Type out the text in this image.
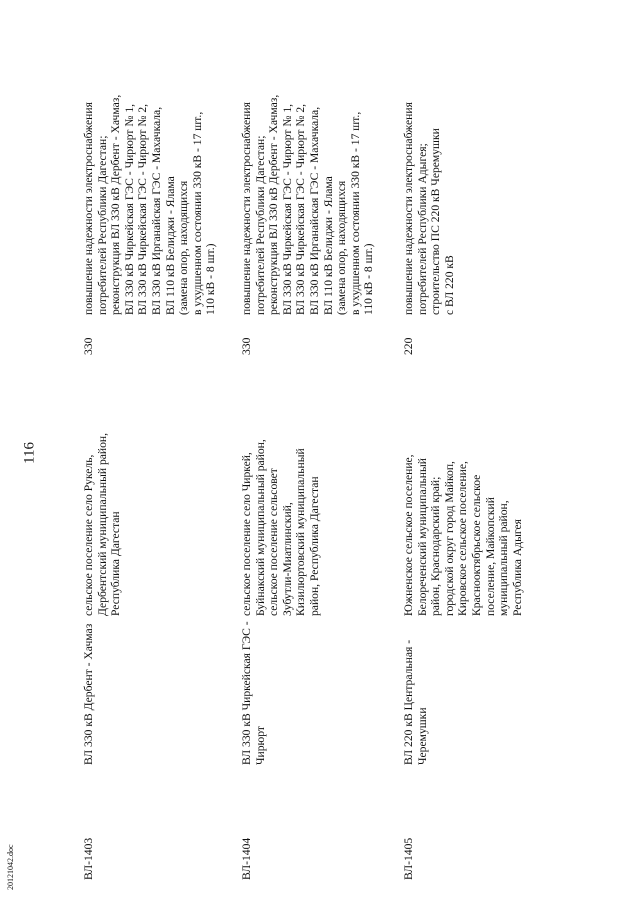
116
ВЛ-1403
ВЛ 330 кВ Дербент - Хачмаз
сельское поселение село Рукель, Дербентский муниципальный район, Республика Дагестан
330
повышение надежности электроснабжения потребителей Республики Дагестан; реконструкция ВЛ 330 кВ Дербент - Хачмаз, ВЛ 330 кВ Чиркейская ГЭС - Чирюрт № 1, ВЛ 330 кВ Чиркейская ГЭС - Чирюрт № 2, ВЛ 330 кВ Ирганайская ГЭС - Махачкала, ВЛ 110 кВ Белиджи - Ялама (замена опор, находящихся в ухудшенном состоянии 330 кВ - 17 шт., 110 кВ - 8 шт.)
ВЛ-1404
ВЛ 330 кВ Чиркейская ГЭС - Чирюрт
сельское поселение село Чиркей, Буйнакский муниципальный район, сельское поселение сельсовет Зубутли-Миатлинский, Кизилюртовский муниципальный район, Республика Дагестан
330
повышение надежности электроснабжения потребителей Республики Дагестан; реконструкция ВЛ 330 кВ Дербент - Хачмаз, ВЛ 330 кВ Чиркейская ГЭС - Чирюрт № 1, ВЛ 330 кВ Чиркейская ГЭС - Чирюрт № 2, ВЛ 330 кВ Ирганайская ГЭС - Махачкала, ВЛ 110 кВ Белиджи - Ялама (замена опор, находящихся в ухудшенном состоянии 330 кВ - 17 шт., 110 кВ - 8 шт.)
ВЛ-1405
ВЛ 220 кВ Центральная - Черемушки
Южненское сельское поселение, Белореченский муниципальный район, Краснодарский край; городской округ город Майкоп, Кировское сельское поселение, Краснооктябрьское сельское поселение, Майкопский муниципальный район, Республика Адыгея
220
повышение надежности электроснабжения потребителей Республики Адыгея; строительство ПС 220 кВ Черемушки с ВЛ 220 кВ
20121042.doc
